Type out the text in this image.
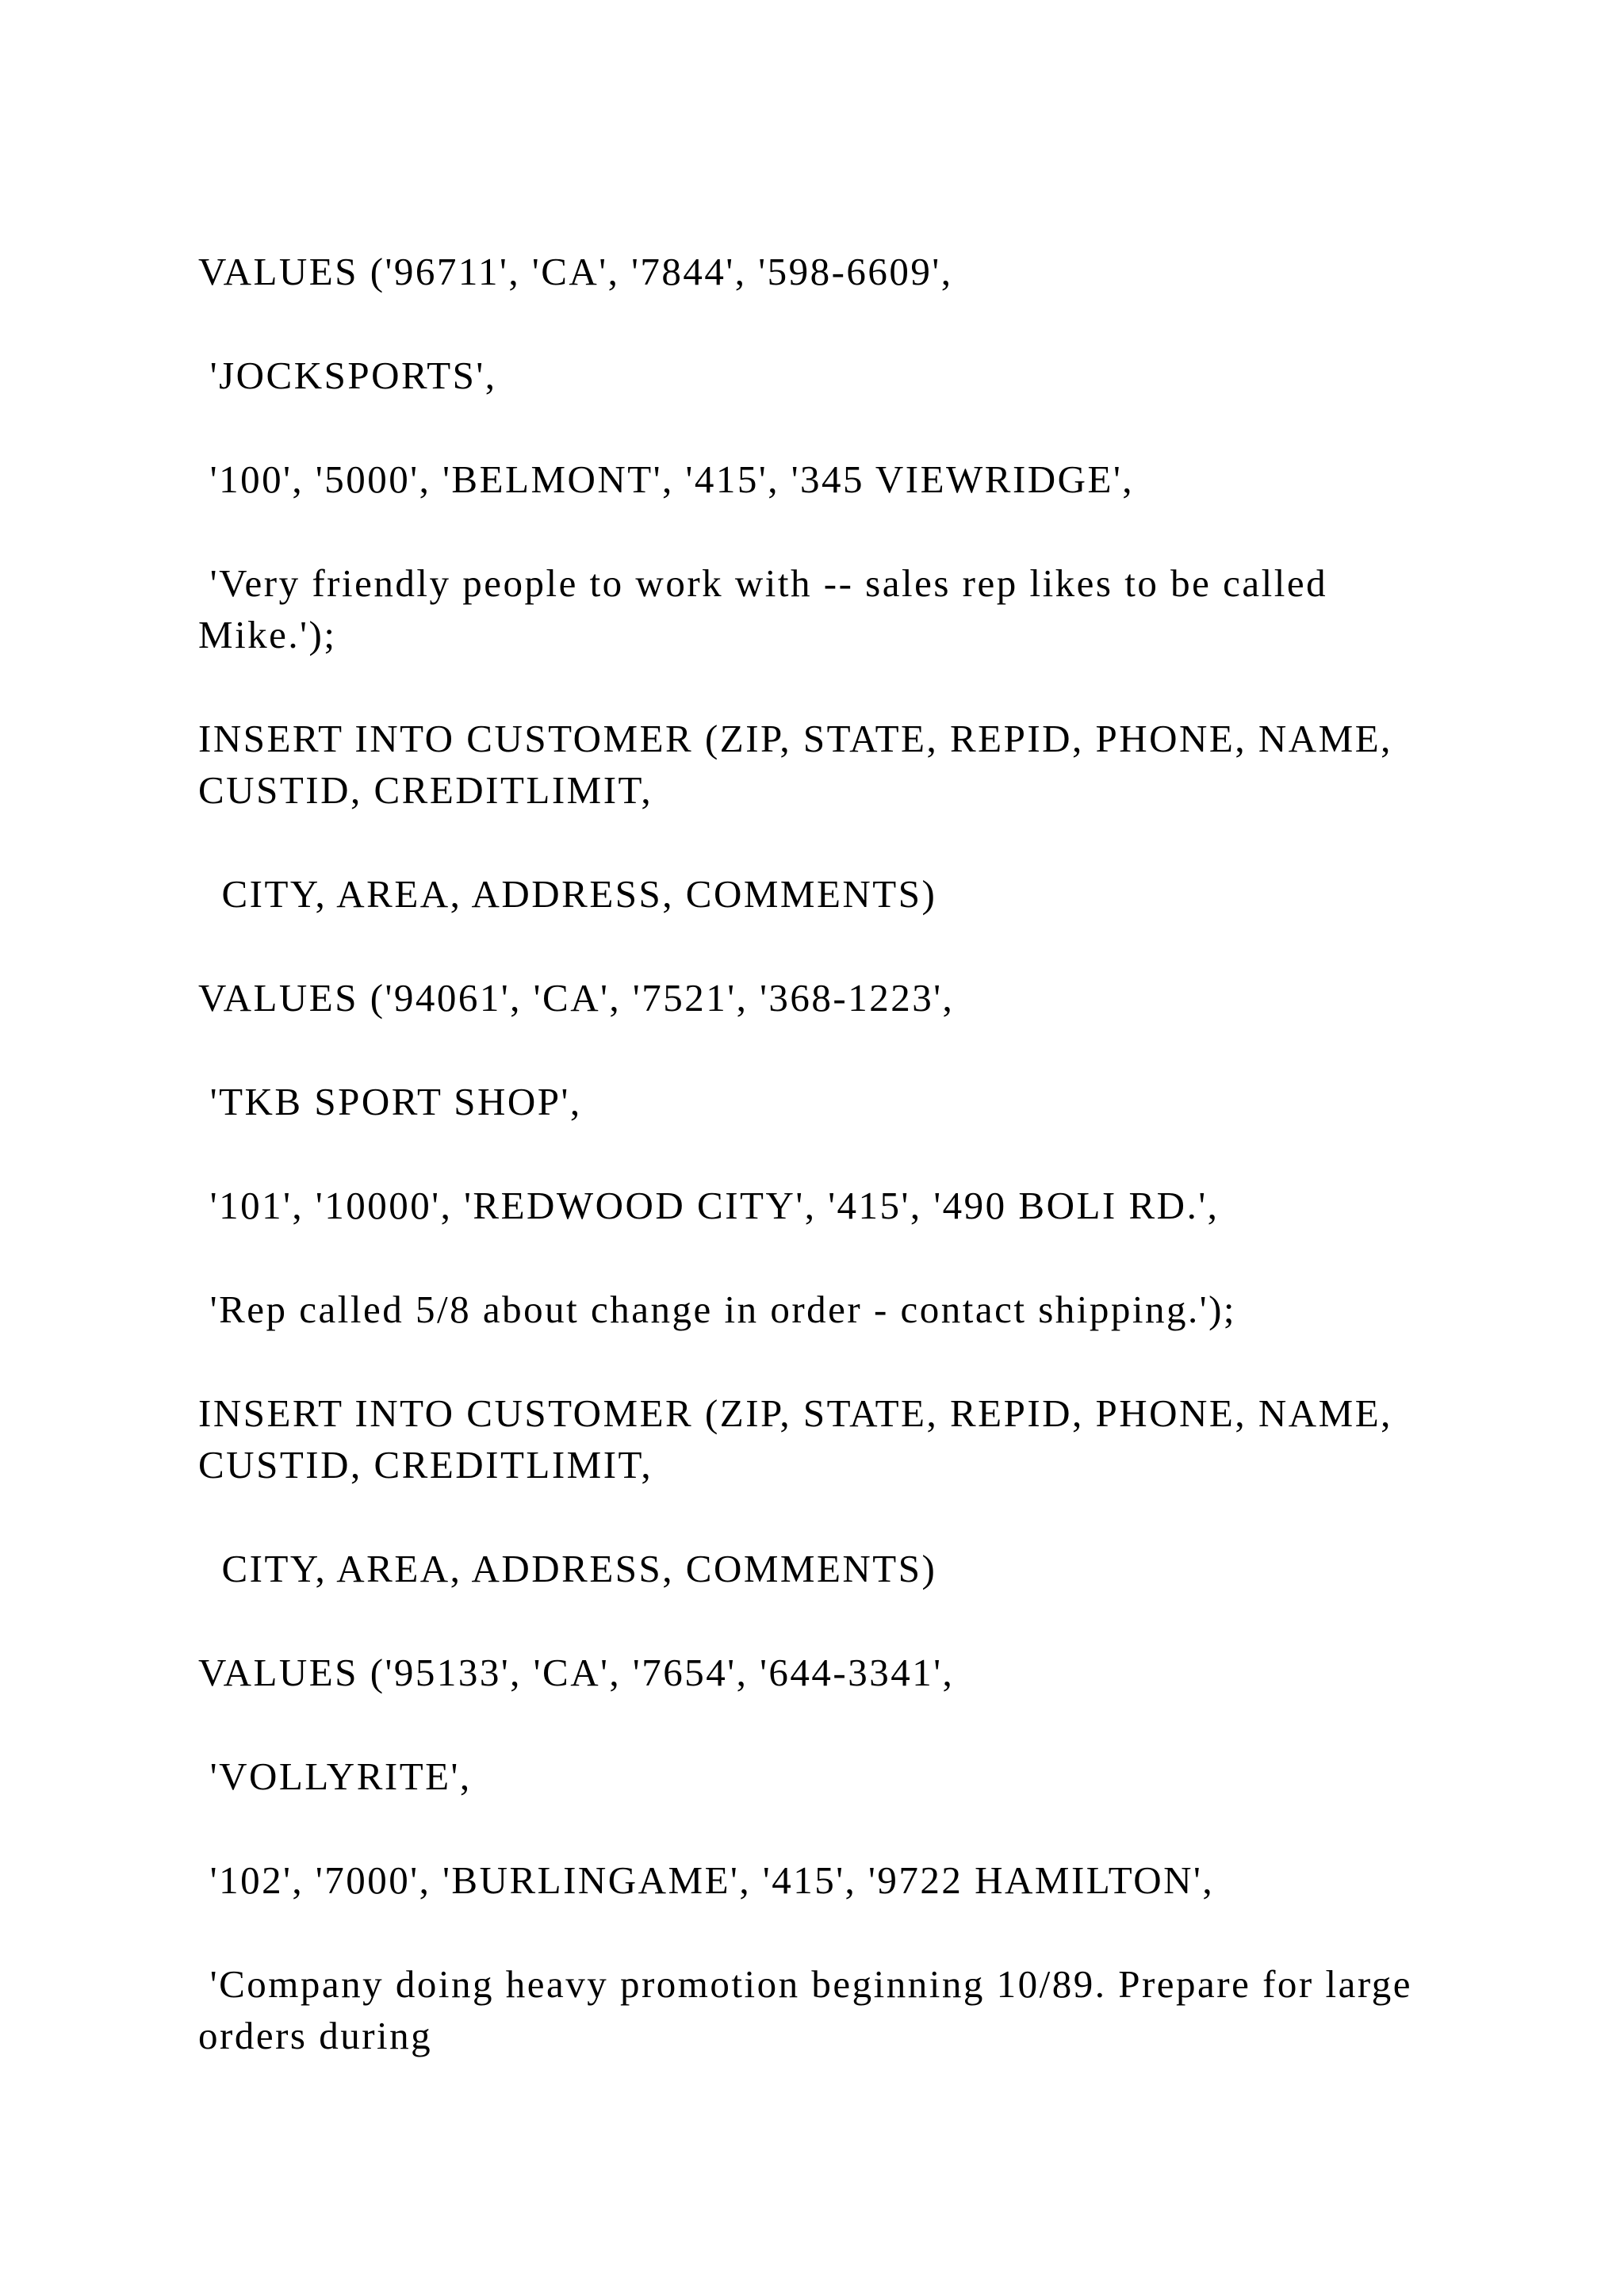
VALUES ('96711', 'CA', '7844', '598-6609',

'JOCKSPORTS',

'100', '5000', 'BELMONT', '415', '345 VIEWRIDGE',

'Very friendly people to work with -- sales rep likes to be called Mike.');

INSERT INTO CUSTOMER (ZIP, STATE, REPID, PHONE, NAME, CUSTID, CREDITLIMIT,

CITY, AREA, ADDRESS, COMMENTS)

VALUES ('94061', 'CA', '7521', '368-1223',

'TKB SPORT SHOP',

'101', '10000', 'REDWOOD CITY', '415', '490 BOLI RD.',

'Rep called 5/8 about change in order - contact shipping.');

INSERT INTO CUSTOMER (ZIP, STATE, REPID, PHONE, NAME, CUSTID, CREDITLIMIT,

CITY, AREA, ADDRESS, COMMENTS)

VALUES ('95133', 'CA', '7654', '644-3341',

'VOLLYRITE',

'102', '7000', 'BURLINGAME', '415', '9722 HAMILTON',

'Company doing heavy promotion beginning 10/89. Prepare for large orders during
